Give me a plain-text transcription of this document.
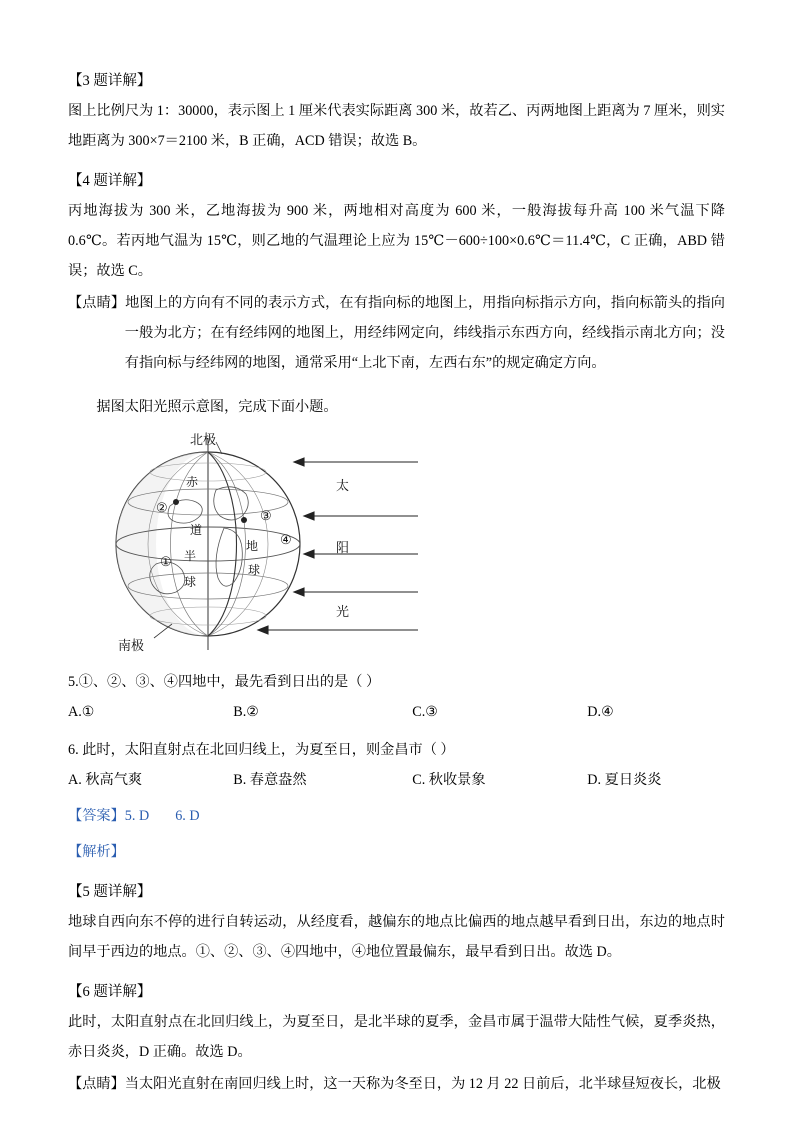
【3 题详解】

图上比例尺为 1：30000，表示图上 1 厘米代表实际距离 300 米，故若乙、丙两地图上距离为 7 厘米，则实地距离为 300×7＝2100 米，B 正确，ACD 错误；故选 B。

【4 题详解】

丙地海拔为 300 米，乙地海拔为 900 米，两地相对高度为 600 米，一般海拔每升高 100 米气温下降 0.6℃。若丙地气温为 15℃，则乙地的气温理论上应为 15℃－600÷100×0.6℃＝11.4℃，C 正确，ABD 错误；故选 C。

【点睛】地图上的方向有不同的表示方式，在有指向标的地图上，用指向标指示方向，指向标箭头的指向一般为北方；在有经纬网的地图上，用经纬网定向，纬线指示东西方向，经线指示南北方向；没有指向标与经纬网的地图，通常采用“上北下南，左西右东”的规定确定方向。

据图太阳光照示意图，完成下面小题。

①
②
③
④
赤
道
半
球
地
球
北极
南极
太
阳
光

5.①、②、③、④四地中，最先看到日出的是（ ）

A.①	B.②	C.③	D.④

6. 此时，太阳直射点在北回归线上，为夏至日，则金昌市（ ）

A. 秋高气爽	B. 春意盎然	C. 秋收景象	D. 夏日炎炎

【答案】5. D 6. D

【解析】

【5 题详解】

地球自西向东不停的进行自转运动，从经度看，越偏东的地点比偏西的地点越早看到日出，东边的地点时间早于西边的地点。①、②、③、④四地中，④地位置最偏东，最早看到日出。故选 D。

【6 题详解】

此时，太阳直射点在北回归线上，为夏至日，是北半球的夏季，金昌市属于温带大陆性气候，夏季炎热，赤日炎炎，D 正确。故选 D。

【点睛】当太阳光直射在南回归线上时，这一天称为冬至日，为 12 月 22 日前后，北半球昼短夜长，北极
